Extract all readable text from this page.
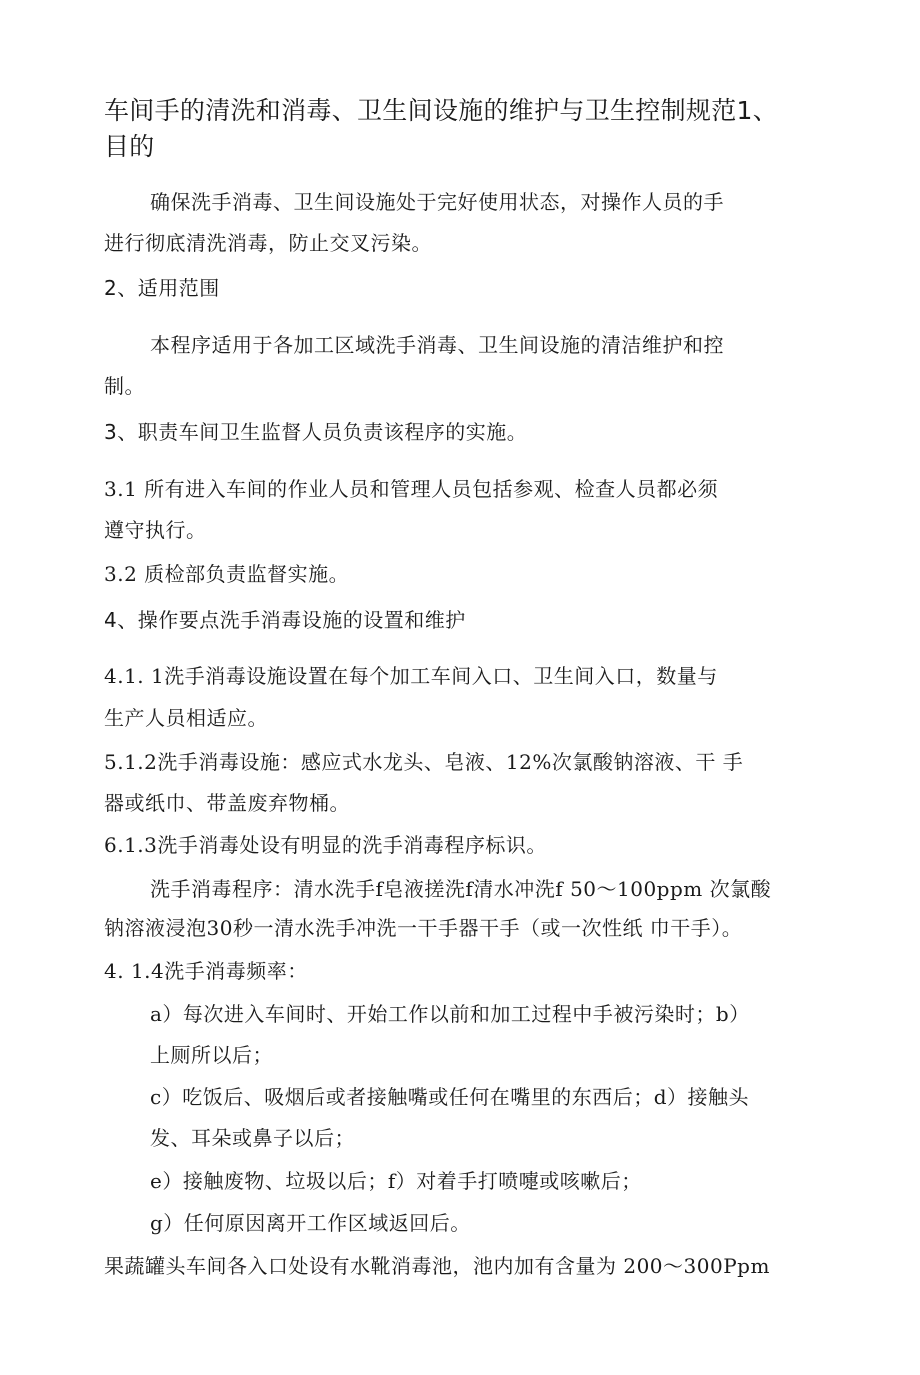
车间手的清洗和消毒、卫生间设施的维护与卫生控制规范1、
目的
确保洗手消毒、卫生间设施处于完好使用状态，对操作人员的手
进行彻底清洗消毒，防止交叉污染。
2、适用范围
本程序适用于各加工区域洗手消毒、卫生间设施的清洁维护和控
制。
3、职责车间卫生监督人员负责该程序的实施。
3.1 所有进入车间的作业人员和管理人员包括参观、检查人员都必须
遵守执行。
3.2 质检部负责监督实施。
4、操作要点洗手消毒设施的设置和维护
4.1. 1洗手消毒设施设置在每个加工车间入口、卫生间入口，数量与
生产人员相适应。
5.1.2洗手消毒设施：感应式水龙头、皂液、12%次氯酸钠溶液、干 手
器或纸巾、带盖废弃物桶。
6.1.3洗手消毒处设有明显的洗手消毒程序标识。
洗手消毒程序：清水洗手f皂液搓洗f清水冲洗f 50〜100ppm 次氯酸
钠溶液浸泡30秒一清水洗手冲洗一干手器干手（或一次性纸 巾干手）。
4. 1.4洗手消毒频率：
a）每次进入车间时、开始工作以前和加工过程中手被污染时；b）
上厕所以后；
c）吃饭后、吸烟后或者接触嘴或任何在嘴里的东西后；d）接触头
发、耳朵或鼻子以后；
e）接触废物、垃圾以后；f）对着手打喷嚏或咳嗽后；
g）任何原因离开工作区域返回后。
果蔬罐头车间各入口处设有水靴消毒池，池内加有含量为 200〜300Ppm
